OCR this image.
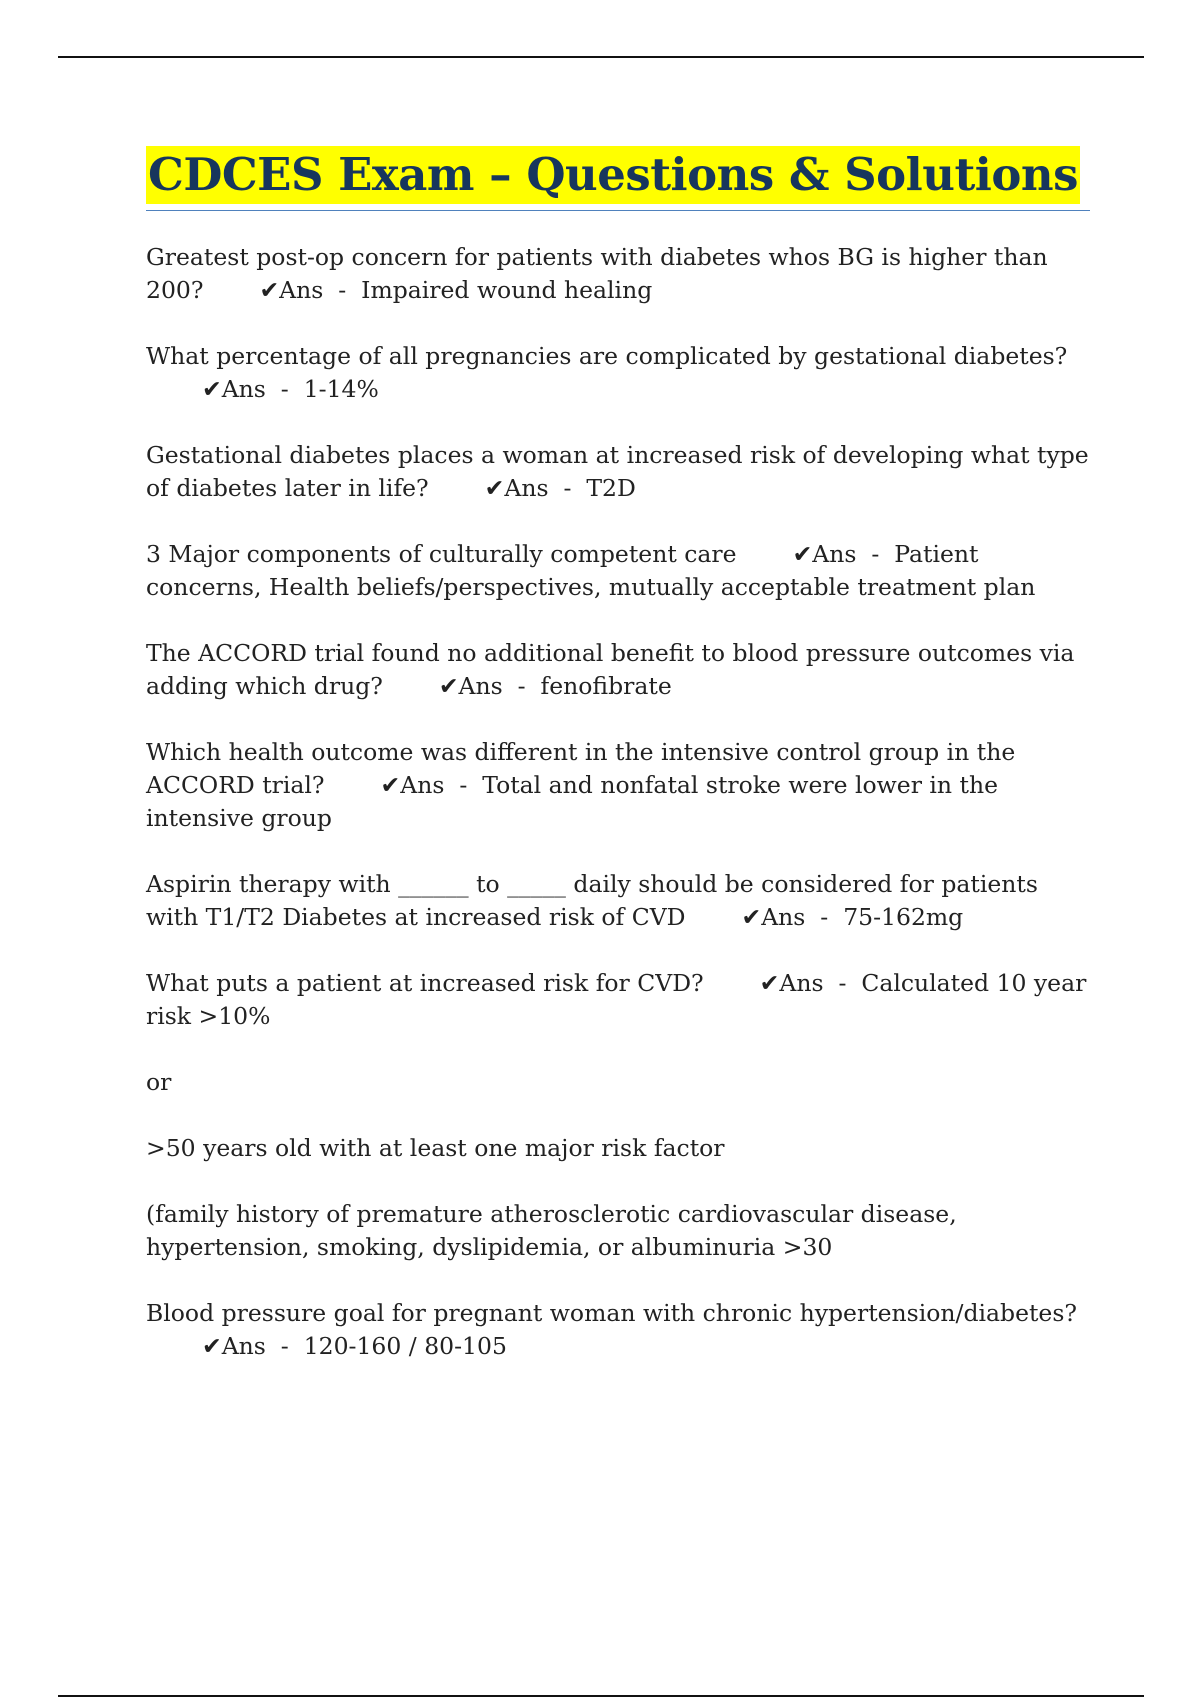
CDCES Exam – Questions & Solutions

Greatest post-op concern for patients with diabetes whos BG is higher than 200? ✔Ans  -  Impaired wound healing

What percentage of all pregnancies are complicated by gestational diabetes?✔Ans  -  1-14%

Gestational diabetes places a woman at increased risk of developing what type of diabetes later in life? ✔Ans  -  T2D

3 Major components of culturally competent care ✔Ans  -  Patient concerns, Health beliefs/perspectives, mutually acceptable treatment plan

The ACCORD trial found no additional benefit to blood pressure outcomes via adding which drug? ✔Ans  -  fenofibrate

Which health outcome was different in the intensive control group in the ACCORD trial? ✔Ans  -  Total and nonfatal stroke were lower in the intensive group

Aspirin therapy with ______ to _____ daily should be considered for patients with T1/T2 Diabetes at increased risk of CVD ✔Ans  -  75-162mg

What puts a patient at increased risk for CVD? ✔Ans  -  Calculated 10 year risk >10%

or

>50 years old with at least one major risk factor

(family history of premature atherosclerotic cardiovascular disease, hypertension, smoking, dyslipidemia, or albuminuria >30

Blood pressure goal for pregnant woman with chronic hypertension/diabetes?✔Ans  -  120-160 / 80-105
